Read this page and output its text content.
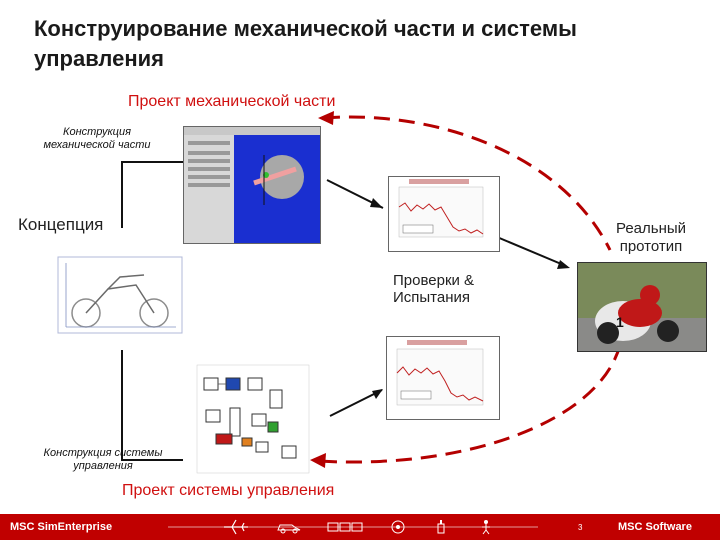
Конструирование механической части и системы управления
Проект механической части
Конструкция механической части
Концепция	Реальный прототип
Проверки & Испытания
1
Конструкция системы управления
Проект системы управления
MSC SimEnterprise	3	MSC Software
